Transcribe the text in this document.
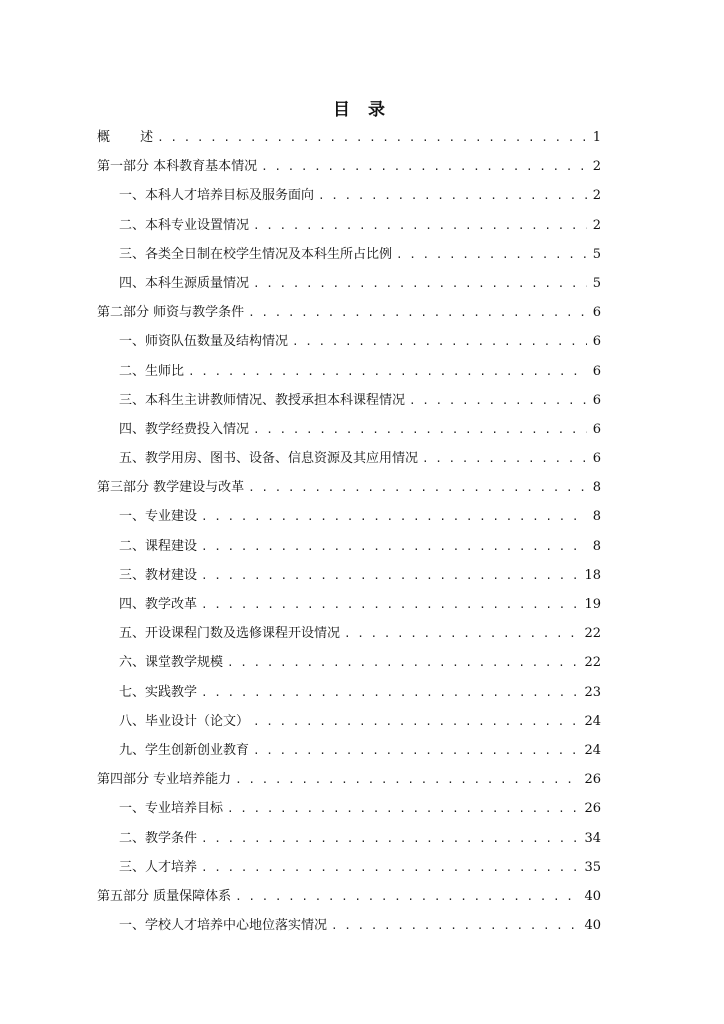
目 录
概 述 . . .	1
第一部分 本科教育基本情况 . . .	2
一、本科人才培养目标及服务面向 . . .	2
二、本科专业设置情况 . . .	2
三、各类全日制在校学生情况及本科生所占比例 . . .	5
四、本科生源质量情况 . . .	5
第二部分 师资与教学条件 . . .	6
一、师资队伍数量及结构情况 . . .	6
二、生师比 . . .	6
三、本科生主讲教师情况、教授承担本科课程情况 . . .	6
四、教学经费投入情况 . . .	6
五、教学用房、图书、设备、信息资源及其应用情况 . . .	6
第三部分 教学建设与改革 . . .	8
一、专业建设 . . .	8
二、课程建设 . . .	8
三、教材建设 . . .	18
四、教学改革 . . .	19
五、开设课程门数及选修课程开设情况 . . .	22
六、课堂教学规模 . . .	22
七、实践教学 . . .	23
八、毕业设计（论文） . . .	24
九、学生创新创业教育 . . .	24
第四部分 专业培养能力 . . .	26
一、专业培养目标 . . .	26
二、教学条件 . . .	34
三、人才培养 . . .	35
第五部分 质量保障体系 . . .	40
一、学校人才培养中心地位落实情况 . . .	40
